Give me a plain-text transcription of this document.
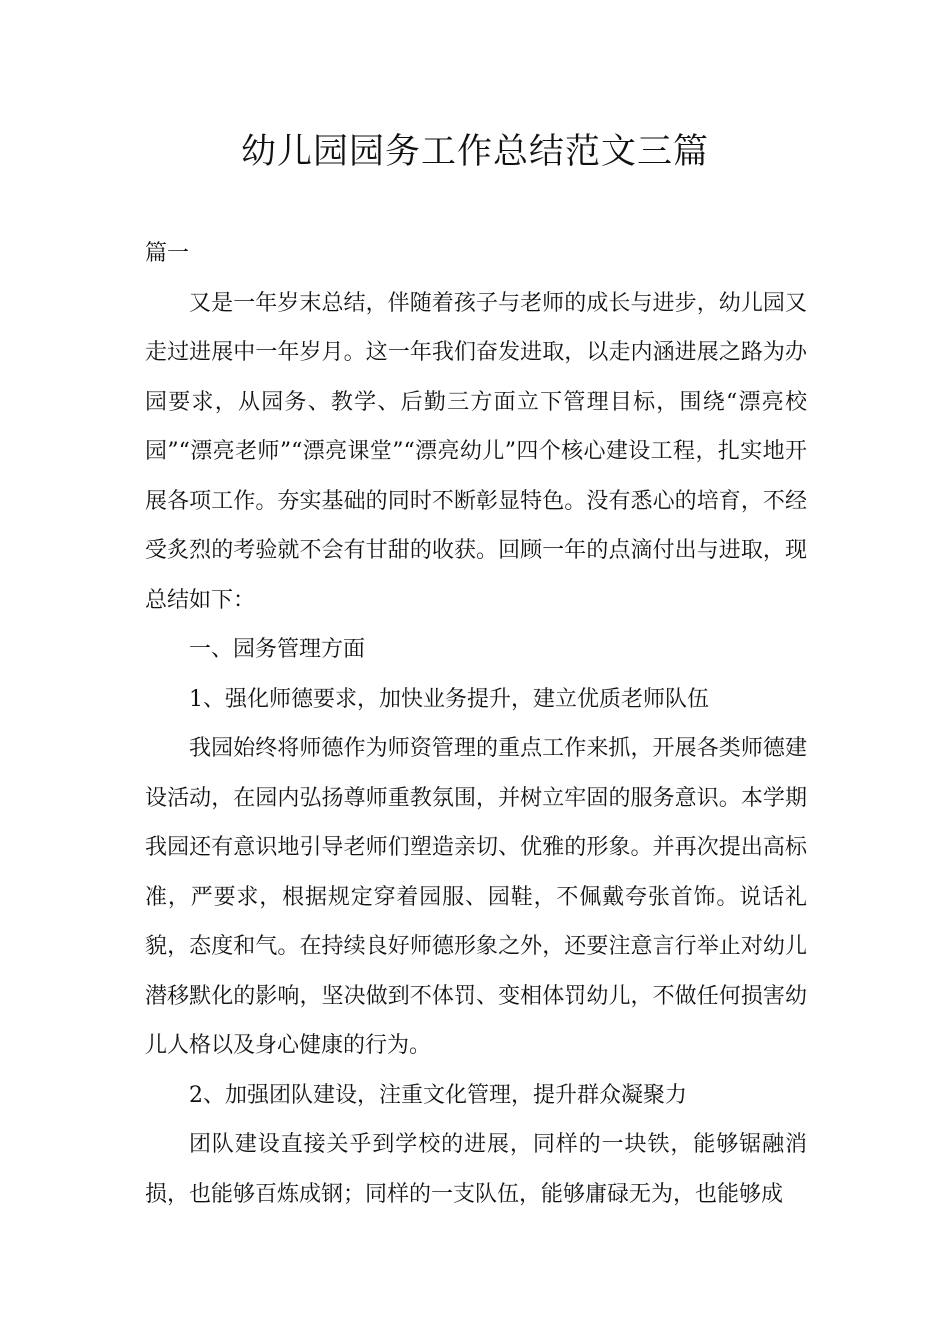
幼儿园园务工作总结范文三篇

篇一

又是一年岁末总结，伴随着孩子与老师的成长与进步，幼儿园又走过进展中一年岁月。这一年我们奋发进取，以走内涵进展之路为办园要求，从园务、教学、后勤三方面立下管理目标，围绕“漂亮校园”“漂亮老师”“漂亮课堂”“漂亮幼儿”四个核心建设工程，扎实地开展各项工作。夯实基础的同时不断彰显特色。没有悉心的培育，不经受炙烈的考验就不会有甘甜的收获。回顾一年的点滴付出与进取，现总结如下：

一、园务管理方面

1、强化师德要求，加快业务提升，建立优质老师队伍

我园始终将师德作为师资管理的重点工作来抓，开展各类师德建设活动，在园内弘扬尊师重教氛围，并树立牢固的服务意识。本学期我园还有意识地引导老师们塑造亲切、优雅的形象。并再次提出高标准，严要求，根据规定穿着园服、园鞋，不佩戴夸张首饰。说话礼貌，态度和气。在持续良好师德形象之外，还要注意言行举止对幼儿潜移默化的影响，坚决做到不体罚、变相体罚幼儿，不做任何损害幼儿人格以及身心健康的行为。

2、加强团队建设，注重文化管理，提升群众凝聚力

团队建设直接关乎到学校的进展，同样的一块铁，能够锯融消损，也能够百炼成钢；同样的一支队伍，能够庸碌无为，也能够成
